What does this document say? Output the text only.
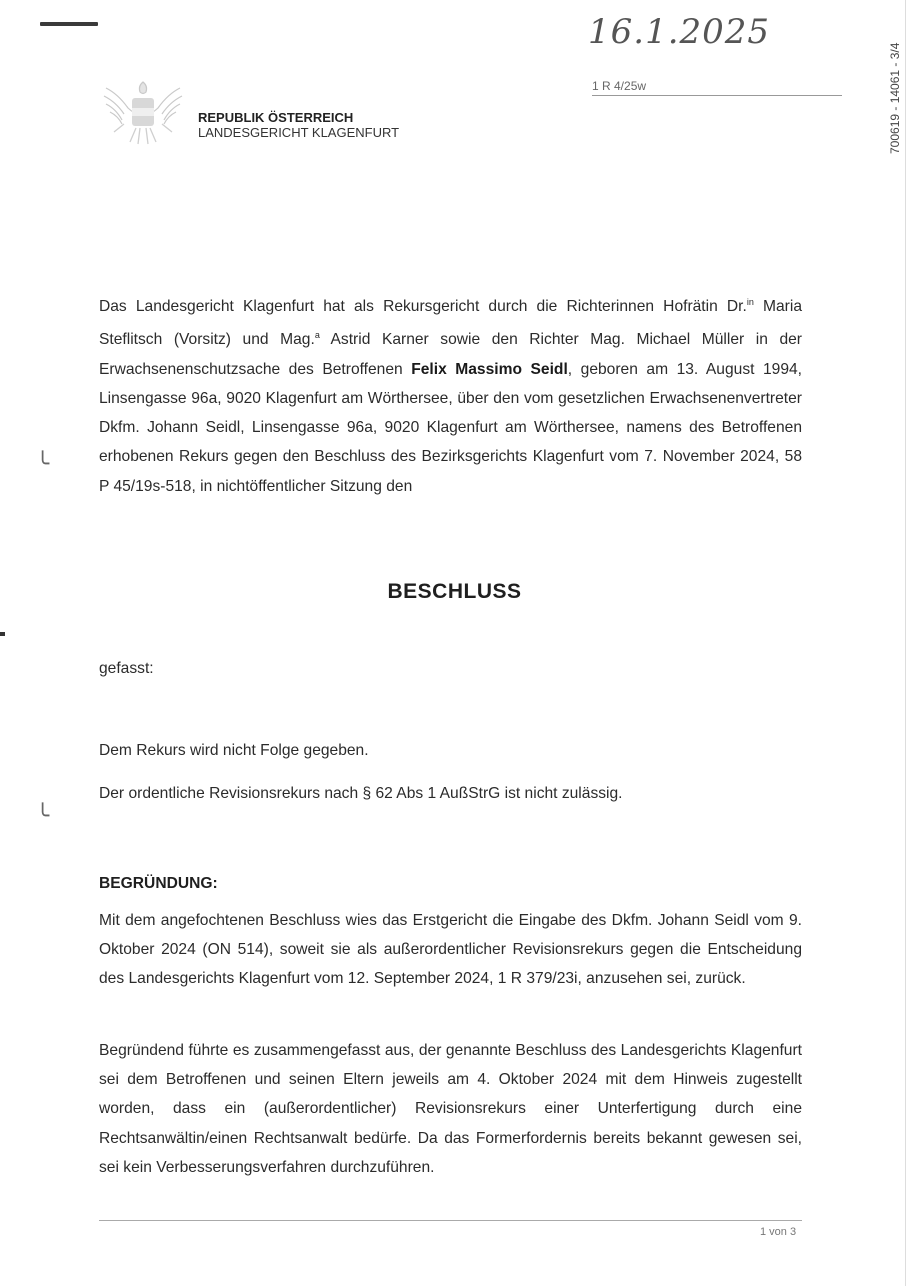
16.1.2025
1 R 4/25w	700619 - 14061 - 3/4
REPUBLIK ÖSTERREICH
LANDESGERICHT KLAGENFURT
Das Landesgericht Klagenfurt hat als Rekursgericht durch die Richterinnen Hofrätin Dr.$^{in}$ Maria Steflitsch (Vorsitz) und Mag.$^a$ Astrid Karner sowie den Richter Mag. Michael Müller in der Erwachsenenschutzsache des Betroffenen Felix Massimo Seidl, geboren am 13. August 1994, Linsengasse 96a, 9020 Klagenfurt am Wörthersee, über den vom gesetzlichen Erwachsenenvertreter Dkfm. Johann Seidl, Linsengasse 96a, 9020 Klagenfurt am Wörthersee, namens des Betroffenen erhobenen Rekurs gegen den Beschluss des Bezirksgerichts Klagenfurt vom 7. November 2024, 58 P 45/19s-518, in nichtöffentlicher Sitzung den
╰
BESCHLUSS
gefasst:
Dem Rekurs wird nicht Folge gegeben.
Der ordentliche Revisionsrekurs nach § 62 Abs 1 AußStrG ist nicht zulässig.
╰
BEGRÜNDUNG:
Mit dem angefochtenen Beschluss wies das Erstgericht die Eingabe des Dkfm. Johann Seidl vom 9. Oktober 2024 (ON 514), soweit sie als außerordentlicher Revisionsrekurs gegen die Entscheidung des Landesgerichts Klagenfurt vom 12. September 2024, 1 R 379/23i, anzusehen sei, zurück.
Begründend führte es zusammengefasst aus, der genannte Beschluss des Landesgerichts Klagenfurt sei dem Betroffenen und seinen Eltern jeweils am 4. Oktober 2024 mit dem Hinweis zugestellt worden, dass ein (außerordentlicher) Revisionsrekurs einer Unterfertigung durch eine Rechtsanwältin/einen Rechtsanwalt bedürfe. Da das Formerfordernis bereits bekannt gewesen sei, sei kein Verbesserungsverfahren durchzuführen.
1 von 3
